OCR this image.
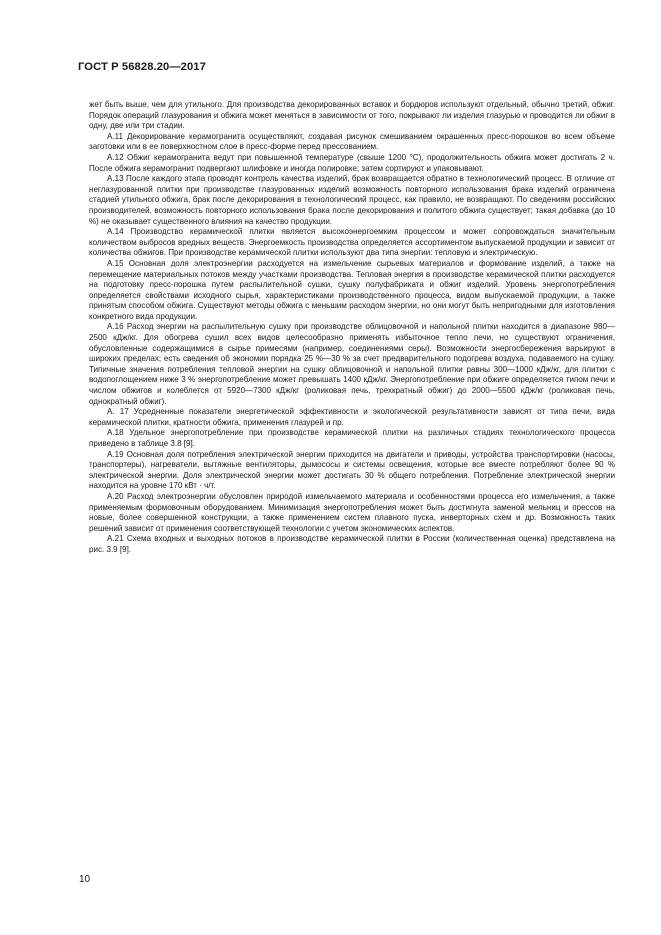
ГОСТ Р 56828.20—2017

жет быть выше, чем для утильного. Для производства декорированных вставок и бордюров используют отдельный, обычно третий, обжиг. Порядок операций глазурования и обжига может меняться в зависимости от того, покрывают ли изделия глазурью и проводится ли обжиг в одну, две или три стадии.

А.11 Декорирование керамогранита осуществляют, создавая рисунок смешиванием окрашенных пресс-порошков во всем объеме заготовки или в ее поверхностном слое в пресс-форме перед прессованием.

А.12 Обжиг керамогранита ведут при повышенной температуре (свыше 1200 °С), продолжительность обжига может достигать 2 ч. После обжига керамогранит подвергают шлифовке и иногда полировке; затем сортируют и упаковывают.

А.13 После каждого этапа проводят контроль качества изделий, брак возвращается обратно в технологический процесс. В отличие от неглазурованной плитки при производстве глазурованных изделий возможность повторного использования брака изделий ограничена стадией утильного обжига, брак после декорирования в технологический процесс, как правило, не возвращают. По сведениям российских производителей, возможность повторного использования брака после декорирования и политого обжига существует; такая добавка (до 10 %) не оказывает существенного влияния на качество продукции.

А.14 Производство керамической плитки является высокоэнергоемким процессом и может сопровождаться значительным количеством выбросов вредных веществ. Энергоемкость производства определяется ассортиментом выпускаемой продукции и зависит от количества обжигов. При производстве керамической плитки используют два типа энергии: тепловую и электрическую.

А.15 Основная доля электроэнергии расходуется на измельчение сырьевых материалов и формование изделий, а также на перемещение материальных потоков между участками производства. Тепловая энергия в производстве керамической плитки расходуется на подготовку пресс-порошка путем распылительной сушки, сушку полуфабриката и обжиг изделий. Уровень энергопотребления определяется свойствами исходного сырья, характеристиками производственного процесса, видом выпускаемой продукции, а также принятым способом обжига. Существуют методы обжига с меньшим расходом энергии, но они могут быть непригодными для изготовления конкретного вида продукции.

А.16 Расход энергии на распылительную сушку при производстве облицовочной и напольной плитки находится в диапазоне 980—2500 кДж/кг. Для обогрева сушил всех видов целесообразно применять избыточное тепло печи, но существуют ограничения, обусловленные содержащимися в сырье примесями (например, соединениями серы). Возможности энергосбережения варьируют в широких пределах; есть сведения об экономии порядка 25 %—30 % за счет предварительного подогрева воздуха, подаваемого на сушку. Типичные значения потребления тепловой энергии на сушку облицовочной и напольной плитки равны 300—1000 кДж/кг, для плитки с водопоглощением ниже 3 % энергопотребление может превышать 1400 кДж/кг. Энергопотребление при обжиге определяется типом печи и числом обжигов и колеблется от 5920—7300 кДж/кг (роликовая печь, трехкратный обжиг) до 2000—5500 кДж/кг (роликовая печь, однократный обжиг).

А. 17 Усредненные показатели энергетической эффективности и экологической результативности зависят от типа печи, вида керамической плитки, кратности обжига, применения глазурей и пр.

А.18 Удельное энергопотребление при производстве керамической плитки на различных стадиях технологического процесса приведено в таблице 3.8 [9].

А.19 Основная доля потребления электрической энергии приходится на двигатели и приводы, устройства транспортировки (насосы, транспортеры), нагреватели, вытяжные вентиляторы, дымососы и системы освещения, которые все вместе потребляют более 90 % электрической энергии. Доля электрической энергии может достигать 30 % общего потребления. Потребление электрической энергии находится на уровне 170 кВт · ч/т.

А.20 Расход электроэнергии обусловлен природой измельчаемого материала и особенностями процесса его измельчения, а также применяемым формовочным оборудованием. Минимизация энергопотребления может быть достигнута заменой мельниц и прессов на новые, более совершенной конструкции, а также применением систем плавного пуска, инверторных схем и др. Возможность таких решений зависит от применения соответствующей технологии с учетом экономических аспектов.

А.21 Схема входных и выходных потоков в производстве керамической плитки в России (количественная оценка) представлена на рис. 3.9 [9].

10
